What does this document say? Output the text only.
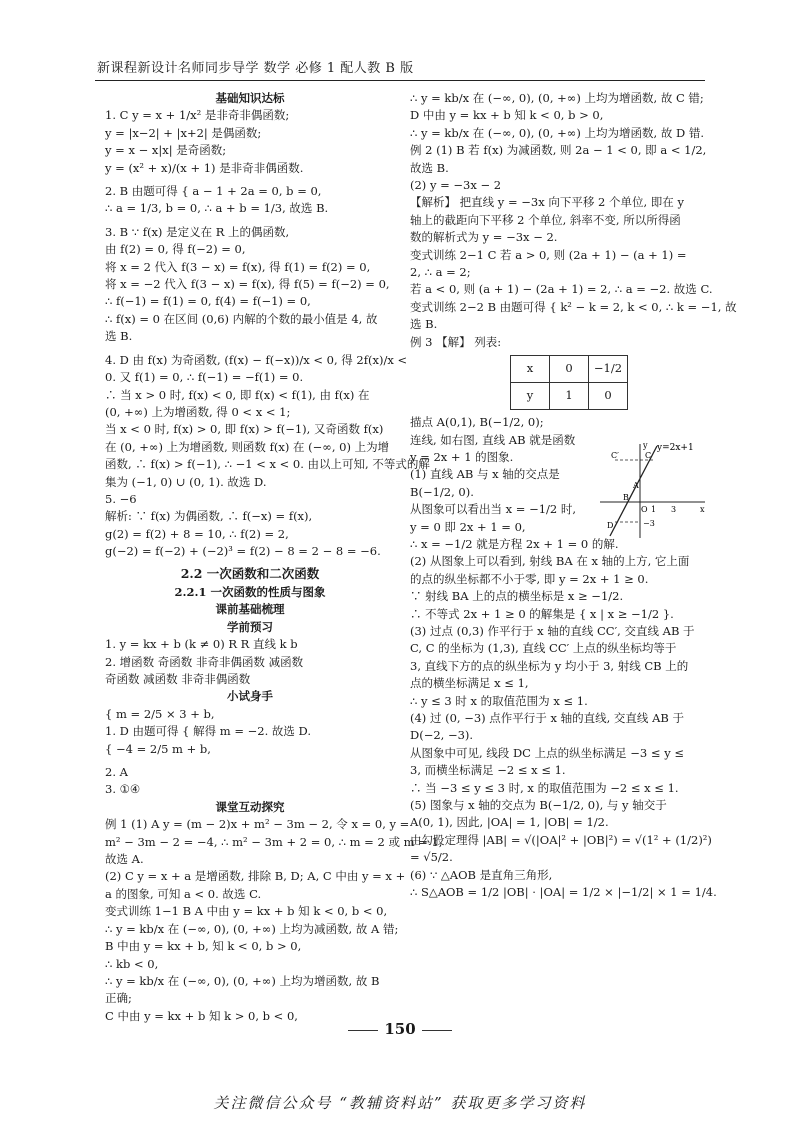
新课程新设计名师同步导学 数学 必修 1 配人教 B 版
基础知识达标
1. C y = x + 1/x² 是非奇非偶函数;
y = |x−2| + |x+2| 是偶函数;
y = x − x|x| 是奇函数;
y = (x² + x)/(x + 1) 是非奇非偶函数.
2. B 由题可得 { a − 1 + 2a = 0, b = 0,
∴ a = 1/3, b = 0, ∴ a + b = 1/3, 故选 B.
3. B ∵ f(x) 是定义在 R 上的偶函数,
由 f(2) = 0, 得 f(−2) = 0,
将 x = 2 代入 f(3 − x) = f(x), 得 f(1) = f(2) = 0,
将 x = −2 代入 f(3 − x) = f(x), 得 f(5) = f(−2) = 0,
∴ f(−1) = f(1) = 0, f(4) = f(−1) = 0,
∴ f(x) = 0 在区间 (0,6) 内解的个数的最小值是 4, 故
选 B.
4. D 由 f(x) 为奇函数, (f(x) − f(−x))/x < 0, 得 2f(x)/x <
0. 又 f(1) = 0, ∴ f(−1) = −f(1) = 0.
∴ 当 x > 0 时, f(x) < 0, 即 f(x) < f(1), 由 f(x) 在
(0, +∞) 上为增函数, 得 0 < x < 1;
当 x < 0 时, f(x) > 0, 即 f(x) > f(−1), 又奇函数 f(x)
在 (0, +∞) 上为增函数, 则函数 f(x) 在 (−∞, 0) 上为增
函数, ∴ f(x) > f(−1), ∴ −1 < x < 0. 由以上可知, 不等式的解
集为 (−1, 0) ∪ (0, 1). 故选 D.
5. −6
解析: ∵ f(x) 为偶函数, ∴ f(−x) = f(x),
g(2) = f(2) + 8 = 10, ∴ f(2) = 2,
g(−2) = f(−2) + (−2)³ = f(2) − 8 = 2 − 8 = −6.
2.2 一次函数和二次函数
2.2.1 一次函数的性质与图象
课前基础梳理
学前预习
1. y = kx + b (k ≠ 0) R R 直线 k b
2. 增函数 奇函数 非奇非偶函数 减函数
奇函数 减函数 非奇非偶函数
小试身手
{ m = 2/5 × 3 + b,
1. D 由题可得 { 解得 m = −2. 故选 D.
{ −4 = 2/5 m + b,
2. A
3. ①④
课堂互动探究
例 1 (1) A y = (m − 2)x + m² − 3m − 2, 令 x = 0, y =
m² − 3m − 2 = −4, ∴ m² − 3m + 2 = 0, ∴ m = 2 或 m = 1,
故选 A.
(2) C y = x + a 是增函数, 排除 B, D; A, C 中由 y = x +
a 的图象, 可知 a < 0. 故选 C.
变式训练 1−1 B A 中由 y = kx + b 知 k < 0, b < 0,
∴ y = kb/x 在 (−∞, 0), (0, +∞) 上均为减函数, 故 A 错;
B 中由 y = kx + b, 知 k < 0, b > 0,
∴ kb < 0,
∴ y = kb/x 在 (−∞, 0), (0, +∞) 上均为增函数, 故 B
正确;
C 中由 y = kx + b 知 k > 0, b < 0,
∴ y = kb/x 在 (−∞, 0), (0, +∞) 上均为增函数, 故 C 错;
D 中由 y = kx + b 知 k < 0, b > 0,
∴ y = kb/x 在 (−∞, 0), (0, +∞) 上均为增函数, 故 D 错.
例 2 (1) B 若 f(x) 为减函数, 则 2a − 1 < 0, 即 a < 1/2,
故选 B.
(2) y = −3x − 2
【解析】 把直线 y = −3x 向下平移 2 个单位, 即在 y
轴上的截距向下平移 2 个单位, 斜率不变, 所以所得函
数的解析式为 y = −3x − 2.
变式训练 2−1 C 若 a > 0, 则 (2a + 1) − (a + 1) =
2, ∴ a = 2;
若 a < 0, 则 (a + 1) − (2a + 1) = 2, ∴ a = −2. 故选 C.
变式训练 2−2 B 由题可得 { k² − k = 2, k < 0, ∴ k = −1, 故
选 B.
例 3 【解】 列表:
x	0	−1/2
y	1	0
描点 A(0,1), B(−1/2, 0);
连线, 如右图, 直线 AB 就是函数
y = 2x + 1 的图象.
(1) 直线 AB 与 x 轴的交点是
B(−1/2, 0).
从图象可以看出当 x = −1/2 时,
y = 0 即 2x + 1 = 0,
∴ x = −1/2 就是方程 2x + 1 = 0 的解.
(2) 从图象上可以看到, 射线 BA 在 x 轴的上方, 它上面
的点的纵坐标都不小于零, 即 y = 2x + 1 ≥ 0.
∵ 射线 BA 上的点的横坐标是 x ≥ −1/2.
∴ 不等式 2x + 1 ≥ 0 的解集是 { x | x ≥ −1/2 }.
(3) 过点 (0,3) 作平行于 x 轴的直线 CC′, 交直线 AB 于
C, C 的坐标为 (1,3), 直线 CC′ 上点的纵坐标均等于
3, 直线下方的点的纵坐标为 y 均小于 3, 射线 CB 上的
点的横坐标满足 x ≤ 1,
∴ y ≤ 3 时 x 的取值范围为 x ≤ 1.
(4) 过 (0, −3) 点作平行于 x 轴的直线, 交直线 AB 于
D(−2, −3).
从图象中可见, 线段 DC 上点的纵坐标满足 −3 ≤ y ≤
3, 而横坐标满足 −2 ≤ x ≤ 1.
∴ 当 −3 ≤ y ≤ 3 时, x 的取值范围为 −2 ≤ x ≤ 1.
(5) 图象与 x 轴的交点为 B(−1/2, 0), 与 y 轴交于
A(0, 1), 因此, |OA| = 1, |OB| = 1/2.
由勾股定理得 |AB| = √(|OA|² + |OB|²) = √(1² + (1/2)²)
= √5/2.
(6) ∵ △AOB 是直角三角形,
∴ S△AOB = 1/2 |OB| · |OA| = 1/2 × |−1/2| × 1 = 1/4.
y=2x+1
C′	C
A
B
O
D
x
y
3
−3
1
150
关注微信公众号 “教辅资料站” 获取更多学习资料
